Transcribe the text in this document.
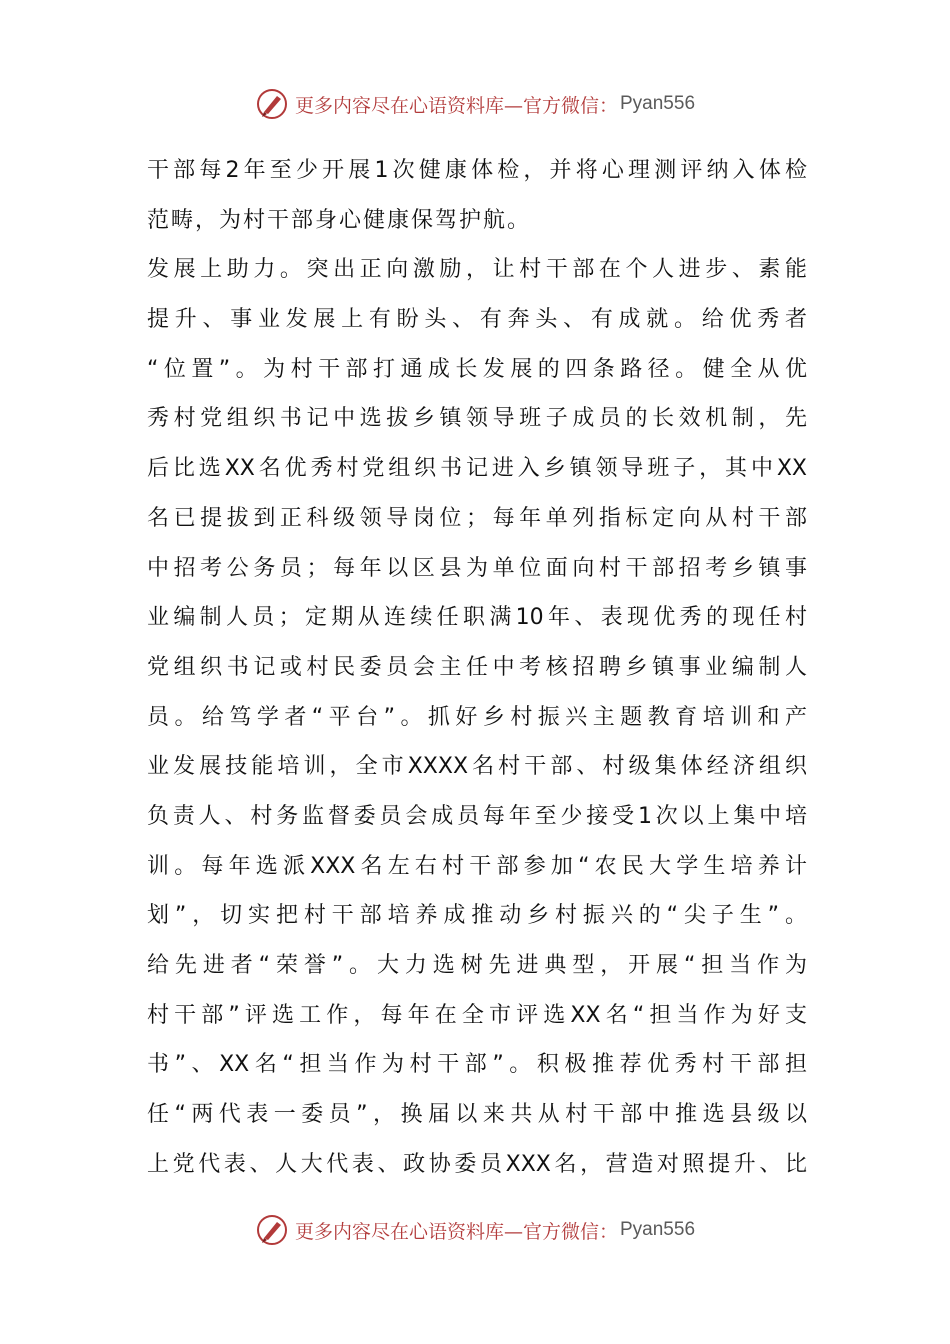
更多内容尽在心语资料库—官方微信： Pyan556
干部每2年至少开展1次健康体检，并将心理测评纳入体检
范畴，为村干部身心健康保驾护航。
发展上助力。突出正向激励，让村干部在个人进步、素能
提升、事业发展上有盼头、有奔头、有成就。给优秀者
“位置”。为村干部打通成长发展的四条路径。健全从优
秀村党组织书记中选拔乡镇领导班子成员的长效机制，先
后比选XX名优秀村党组织书记进入乡镇领导班子，其中XX
名已提拔到正科级领导岗位；每年单列指标定向从村干部
中招考公务员；每年以区县为单位面向村干部招考乡镇事
业编制人员；定期从连续任职满10年、表现优秀的现任村
党组织书记或村民委员会主任中考核招聘乡镇事业编制人
员。给笃学者“平台”。抓好乡村振兴主题教育培训和产
业发展技能培训，全市XXXX名村干部、村级集体经济组织
负责人、村务监督委员会成员每年至少接受1次以上集中培
训。每年选派XXX名左右村干部参加“农民大学生培养计
划”，切实把村干部培养成推动乡村振兴的“尖子生”。
给先进者“荣誉”。大力选树先进典型，开展“担当作为
村干部”评选工作，每年在全市评选XX名“担当作为好支
书”、XX名“担当作为村干部”。积极推荐优秀村干部担
任“两代表一委员”，换届以来共从村干部中推选县级以
上党代表、人大代表、政协委员XXX名，营造对照提升、比
更多内容尽在心语资料库—官方微信： Pyan556
